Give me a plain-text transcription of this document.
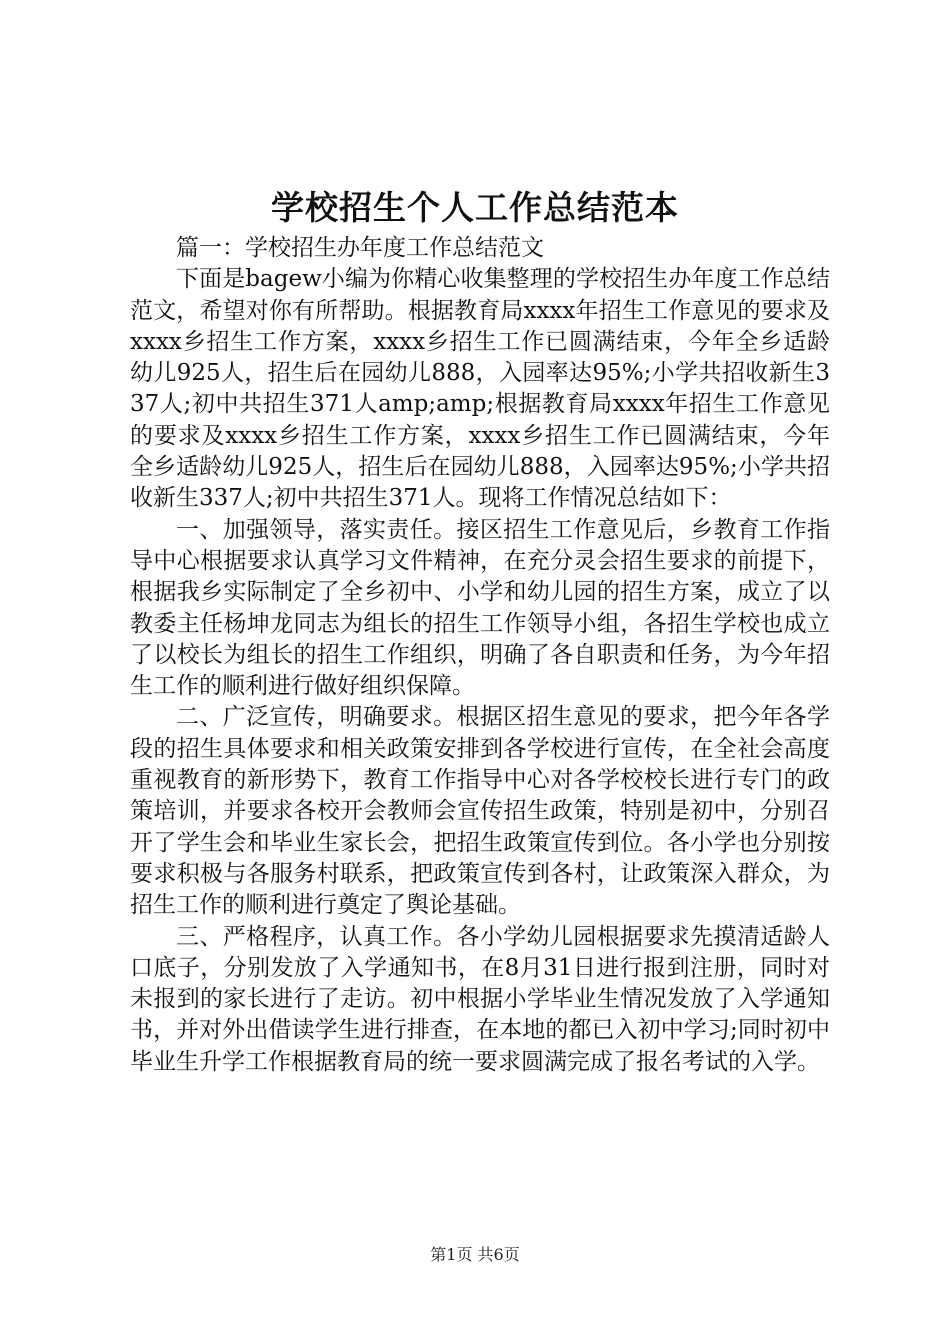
学校招生个人工作总结范本

篇一：学校招生办年度工作总结范文

下面是bagew小编为你精心收集整理的学校招生办年度工作总结范文，希望对你有所帮助。根据教育局xxxx年招生工作意见的要求及xxxx乡招生工作方案，xxxx乡招生工作已圆满结束，今年全乡适龄幼儿925人，招生后在园幼儿888，入园率达95%;小学共招收新生337人;初中共招生371人amp;amp;根据教育局xxxx年招生工作意见的要求及xxxx乡招生工作方案，xxxx乡招生工作已圆满结束，今年全乡适龄幼儿925人，招生后在园幼儿888，入园率达95%;小学共招收新生337人;初中共招生371人。现将工作情况总结如下：

一、加强领导，落实责任。接区招生工作意见后，乡教育工作指导中心根据要求认真学习文件精神，在充分灵会招生要求的前提下，根据我乡实际制定了全乡初中、小学和幼儿园的招生方案，成立了以教委主任杨坤龙同志为组长的招生工作领导小组，各招生学校也成立了以校长为组长的招生工作组织，明确了各自职责和任务，为今年招生工作的顺利进行做好组织保障。

二、广泛宣传，明确要求。根据区招生意见的要求，把今年各学段的招生具体要求和相关政策安排到各学校进行宣传，在全社会高度重视教育的新形势下，教育工作指导中心对各学校校长进行专门的政策培训，并要求各校开会教师会宣传招生政策，特别是初中，分别召开了学生会和毕业生家长会，把招生政策宣传到位。各小学也分别按要求积极与各服务村联系，把政策宣传到各村，让政策深入群众，为招生工作的顺利进行奠定了舆论基础。

三、严格程序，认真工作。各小学幼儿园根据要求先摸清适龄人口底子，分别发放了入学通知书，在8月31日进行报到注册，同时对未报到的家长进行了走访。初中根据小学毕业生情况发放了入学通知书，并对外出借读学生进行排查，在本地的都已入初中学习;同时初中毕业生升学工作根据教育局的统一要求圆满完成了报名考试的入学。

第1页 共6页
